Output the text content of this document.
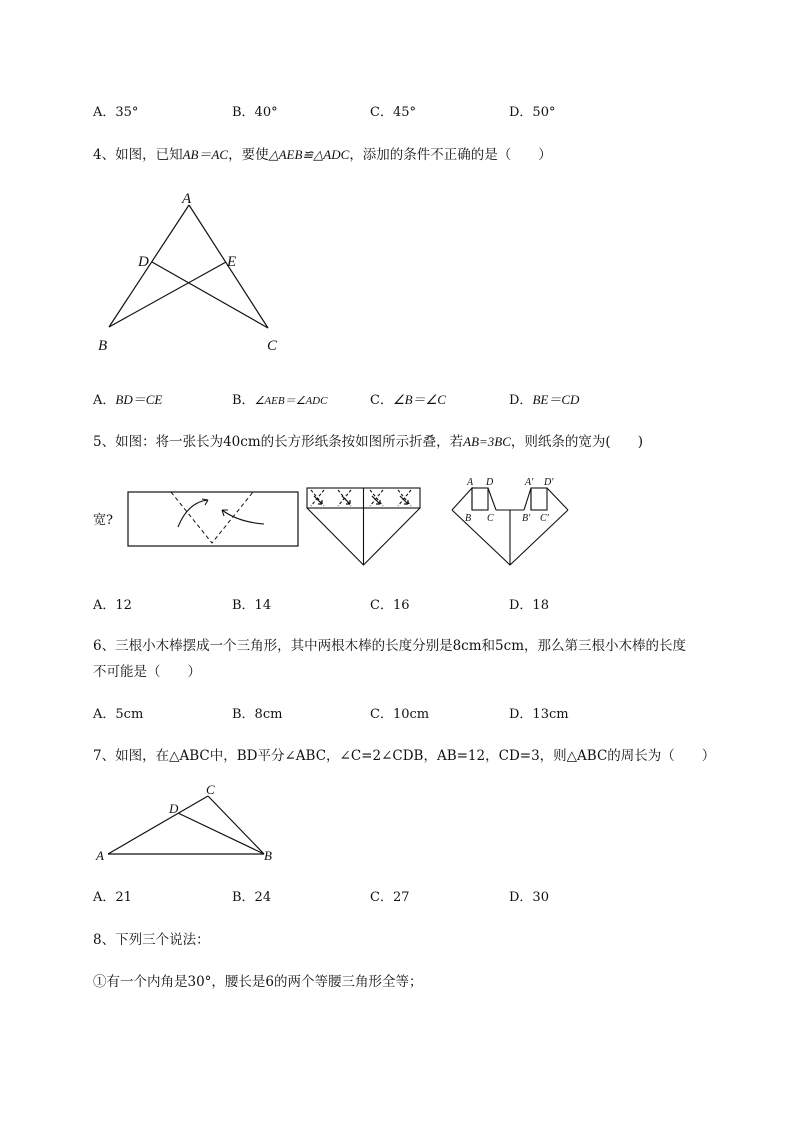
A．35°	B．40°	C．45°	D．50°
4、如图，已知AB＝AC，要使△AEB≌△ADC，添加的条件不正确的是（　　）
A
D	E
B	C
A．BD＝CE	B．∠AEB＝∠ADC	C．∠B＝∠C	D．BE＝CD
5、如图：将一张长为40cm的长方形纸条按如图所示折叠，若AB=3BC，则纸条的宽为(　　)
宽?
A D
B C
A′ D′
B′ C′
A．12	B．14	C．16	D．18
6、三根小木棒摆成一个三角形，其中两根木棒的长度分别是8cm和5cm，那么第三根小木棒的长度
不可能是（　　）
A．5cm	B．8cm	C．10cm	D．13cm
7、如图，在△ABC中，BD平分∠ABC，∠C=2∠CDB，AB=12，CD=3，则△ABC的周长为（　　）
C
D
A	B
A．21	B．24	C．27	D．30
8、下列三个说法：
①有一个内角是30°，腰长是6的两个等腰三角形全等；
